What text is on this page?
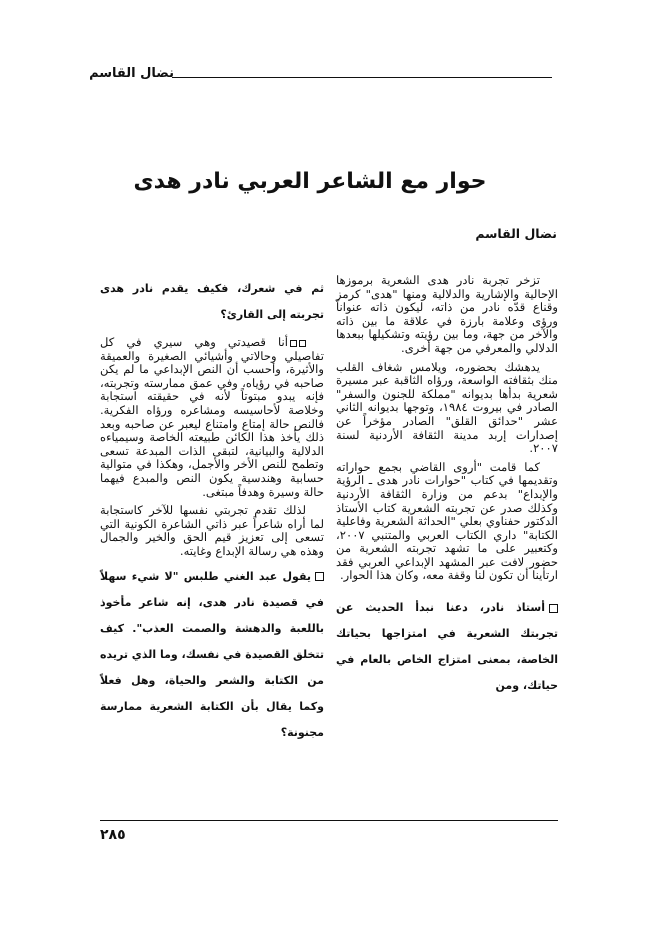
نضال القاسم
حوار مع الشاعر العربي نادر هدى
نضال القاسم

تزخر تجربة نادر هدى الشعرية برموزها الإحالية والإشارية والدلالية ومنها "هدى" كرمز وقناع قدّه نادر من ذاته، ليكون ذاته عنواناً ورؤى وعلامة بارزة في علاقة ما بين ذاته والآخر من جهة، وما بين رؤيته وتشكيلها ببعدها الدلالي والمعرفي من جهة أخرى.

يدهشك بحضوره، ويلامس شغاف القلب منك بثقافته الواسعة، ورؤاه الثاقبة عبر مسيرة شعرية بدأها بديوانه "مملكة للجنون والسفر" الصادر في بيروت ١٩٨٤، وتوجها بديوانه الثاني عشر "حدائق القلق" الصادر مؤخراً عن إصدارات إربد مدينة الثقافة الأردنية لسنة ٢٠٠٧.

كما قامت "أروى القاضي بجمع حواراته وتقديمها في كتاب "حوارات نادر هدى ـ الرؤية والإبداع" بدعم من وزارة الثقافة الأردنية وكذلك صدر عن تجربته الشعرية كتاب الأستاذ الدكتور حفناوي بعلي "الحداثة الشعرية وفاعلية الكتابة" داري الكتاب العربي والمتنبي ٢٠٠٧، وكتعبير على ما تشهد تجربته الشعرية من حضور لافت عبر المشهد الإبداعي العربي فقد ارتأينا أن تكون لنا وقفة معه، وكان هذا الحوار.

أستاذ نادر، دعنا نبدأ الحديث عن تجربتك الشعرية في امتزاجها بحياتك الخاصة، بمعنى امتزاج الخاص بالعام في حياتك، ومن

ثم في شعرك، فكيف يقدم نادر هدى تجربته إلى القارئ؟

أنا قصيدتي وهي سيري في كل تفاصيلي وحالاتي وأشيائي الصغيرة والعميقة والأثيرة، وأحسب أن النص الإبداعي ما لم يكن صاحبه في رؤياه، وفي عمق ممارسته وتجربته، فإنه يبدو مبتوتاً لأنه في حقيقته استجابة وخلاصة لأحاسيسه ومشاعره ورؤاه الفكرية. فالنص حالة إمتاع وامتناع ليعبر عن صاحبه وبعد ذلك يأخذ هذا الكائن طبيعته الخاصة وسيمياءه الدلالية والبيانية، لتبقى الذات المبدعة تسعى وتطمح للنص الأخر والأجمل، وهكذا في متوالية حسابية وهندسية يكون النص والمبدع فيهما حالة وسيرة وهدفاً مبتغى.

لذلك تقدم تجربتي نفسها للآخر كاستجابة لما أراه شاعراً عبر ذاتي الشاعرة الكونية التي تسعى إلى تعزيز قيم الحق والخير والجمال وهذه هي رسالة الإبداع وغايته.

يقول عبد الغني طلبس "لا شيء سهلاً في قصيدة نادر هدى، إنه شاعر مأخوذ باللعبة والدهشة والصمت العذب". كيف تتخلق القصيدة في نفسك، وما الذي تريده من الكتابة والشعر والحياة، وهل فعلاً وكما يقال بأن الكتابة الشعرية ممارسة مجنونة؟

٢٨٥
